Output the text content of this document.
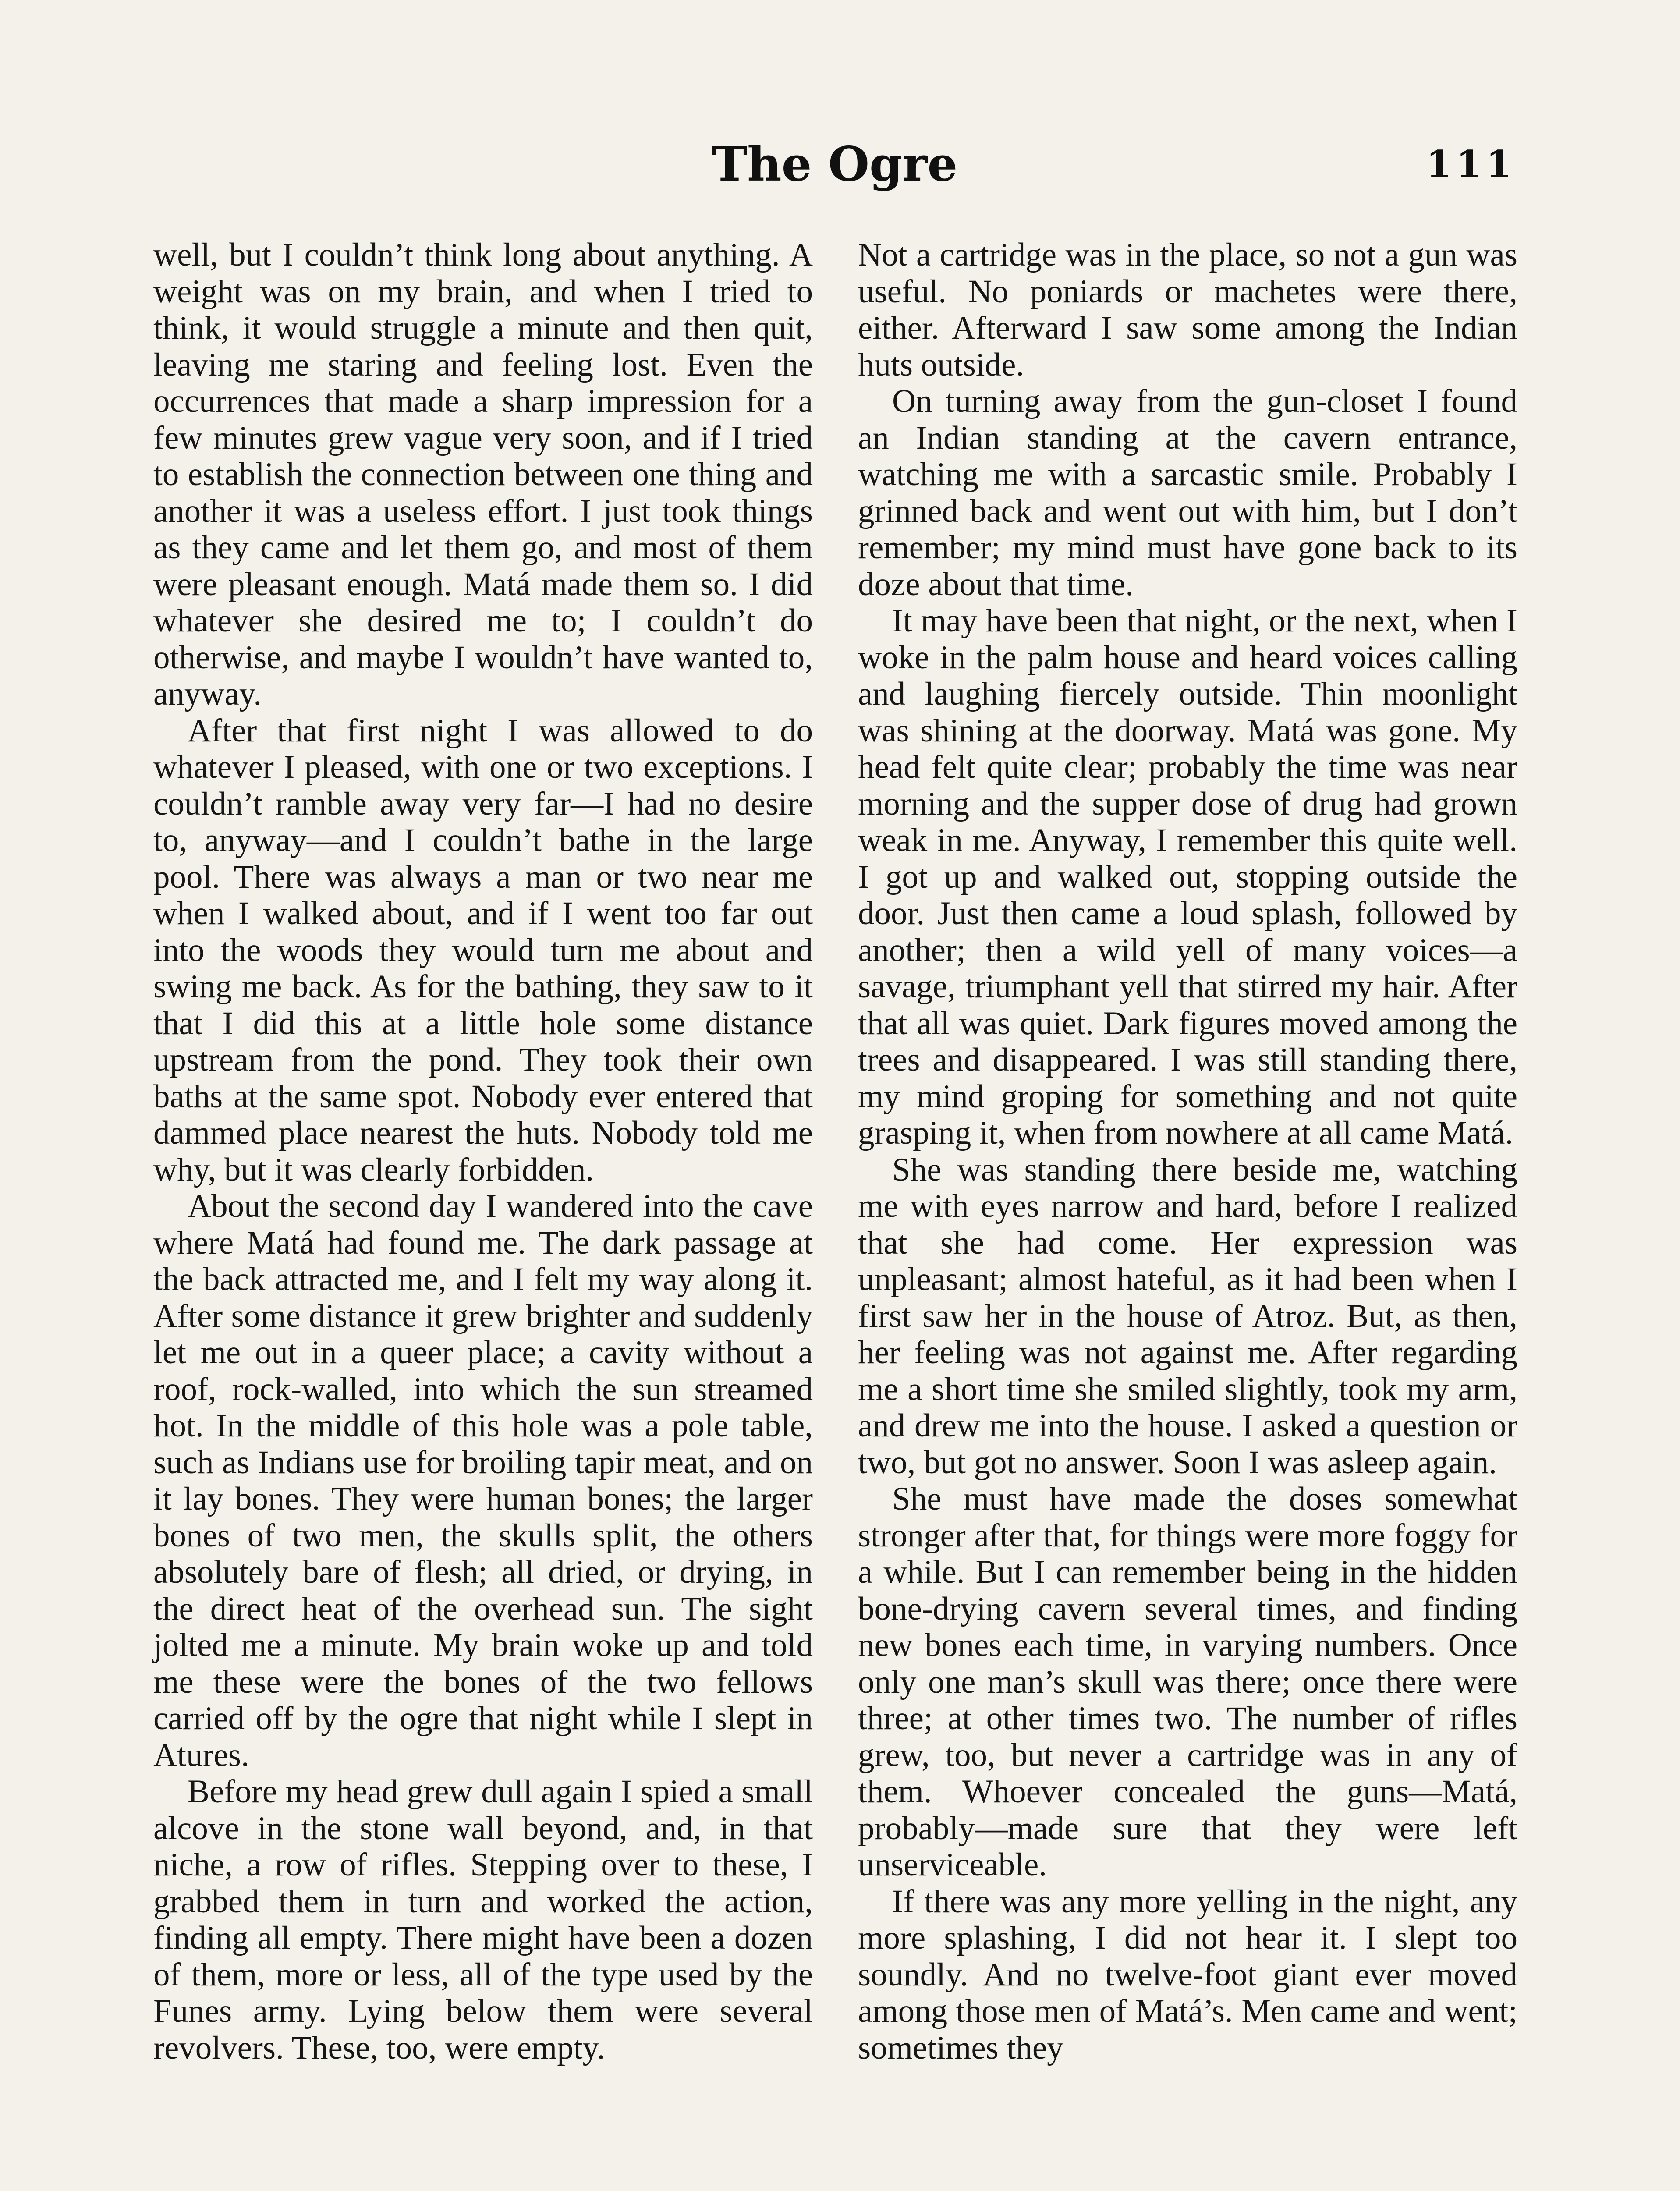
The Ogre	111

well, but I couldn’t think long about anything. A weight was on my brain, and when I tried to think, it would struggle a minute and then quit, leaving me staring and feeling lost. Even the occurrences that made a sharp impression for a few minutes grew vague very soon, and if I tried to establish the connection between one thing and another it was a useless effort. I just took things as they came and let them go, and most of them were pleasant enough. Matá made them so. I did whatever she desired me to; I couldn’t do otherwise, and maybe I wouldn’t have wanted to, anyway.

After that first night I was allowed to do whatever I pleased, with one or two exceptions. I couldn’t ramble away very far—I had no desire to, anyway—and I couldn’t bathe in the large pool. There was always a man or two near me when I walked about, and if I went too far out into the woods they would turn me about and swing me back. As for the bathing, they saw to it that I did this at a little hole some distance upstream from the pond. They took their own baths at the same spot. Nobody ever entered that dammed place nearest the huts. Nobody told me why, but it was clearly forbidden.

About the second day I wandered into the cave where Matá had found me. The dark passage at the back attracted me, and I felt my way along it. After some distance it grew brighter and suddenly let me out in a queer place; a cavity without a roof, rock-walled, into which the sun streamed hot. In the middle of this hole was a pole table, such as Indians use for broiling tapir meat, and on it lay bones. They were human bones; the larger bones of two men, the skulls split, the others absolutely bare of flesh; all dried, or drying, in the direct heat of the overhead sun. The sight jolted me a minute. My brain woke up and told me these were the bones of the two fellows carried off by the ogre that night while I slept in Atures.

Before my head grew dull again I spied a small alcove in the stone wall beyond, and, in that niche, a row of rifles. Stepping over to these, I grabbed them in turn and worked the action, finding all empty. There might have been a dozen of them, more or less, all of the type used by the Funes army. Lying below them were several revolvers. These, too, were empty.

Not a cartridge was in the place, so not a gun was useful. No poniards or machetes were there, either. Afterward I saw some among the Indian huts outside.

On turning away from the gun-closet I found an Indian standing at the cavern entrance, watching me with a sarcastic smile. Probably I grinned back and went out with him, but I don’t remember; my mind must have gone back to its doze about that time.

It may have been that night, or the next, when I woke in the palm house and heard voices calling and laughing fiercely outside. Thin moonlight was shining at the doorway. Matá was gone. My head felt quite clear; probably the time was near morning and the supper dose of drug had grown weak in me. Anyway, I remember this quite well. I got up and walked out, stopping outside the door. Just then came a loud splash, followed by another; then a wild yell of many voices—a savage, triumphant yell that stirred my hair. After that all was quiet. Dark figures moved among the trees and disappeared. I was still standing there, my mind groping for something and not quite grasping it, when from nowhere at all came Matá.

She was standing there beside me, watching me with eyes narrow and hard, before I realized that she had come. Her expression was unpleasant; almost hateful, as it had been when I first saw her in the house of Atroz. But, as then, her feeling was not against me. After regarding me a short time she smiled slightly, took my arm, and drew me into the house. I asked a question or two, but got no answer. Soon I was asleep again.

She must have made the doses somewhat stronger after that, for things were more foggy for a while. But I can remember being in the hidden bone-drying cavern several times, and finding new bones each time, in varying numbers. Once only one man’s skull was there; once there were three; at other times two. The number of rifles grew, too, but never a cartridge was in any of them. Whoever concealed the guns—Matá, probably—made sure that they were left unserviceable.

If there was any more yelling in the night, any more splashing, I did not hear it. I slept too soundly. And no twelve-foot giant ever moved among those men of Matá’s. Men came and went; sometimes they
